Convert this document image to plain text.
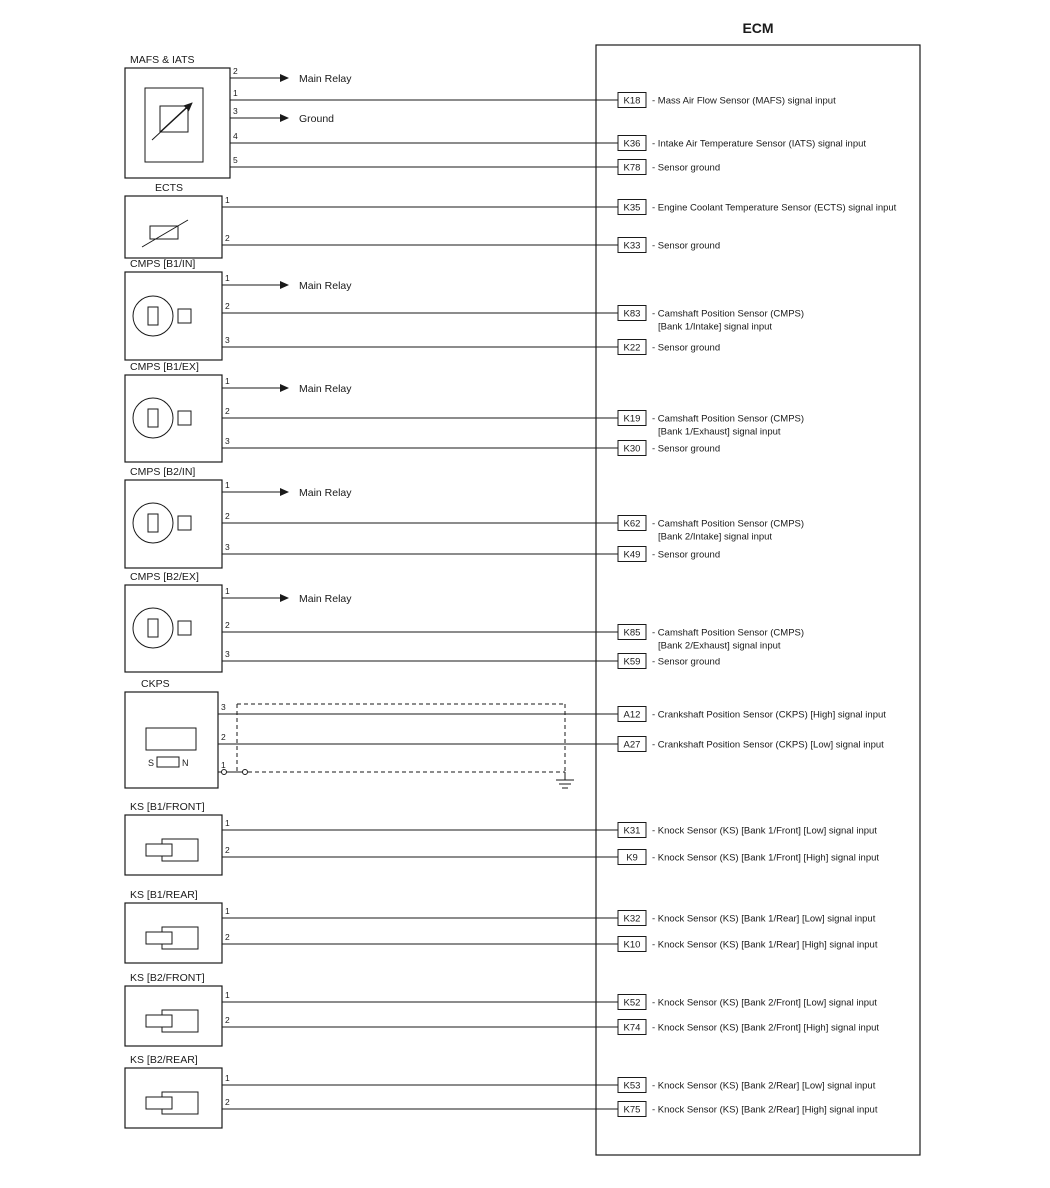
ECM
MAFS & IATS
2
1
3
4
5
Main Relay
Ground
ECTS
1
2
CMPS [B1/IN]
1
2
3
Main Relay
CMPS [B1/EX]
1
2
3
Main Relay
CMPS [B2/IN]
1
2
3
Main Relay
CMPS [B2/EX]
1
2
3
Main Relay
CKPS
S	N
3
2
1
KS [B1/FRONT]
1
2
KS [B1/REAR]
1
2
KS [B2/FRONT]
1
2
KS [B2/REAR]
1
2
K18 - Mass Air Flow Sensor (MAFS) signal input
K36 - Intake Air Temperature Sensor (IATS) signal input
K78 - Sensor ground
K35 - Engine Coolant Temperature Sensor (ECTS) signal input
K33 - Sensor ground
K83 - Camshaft Position Sensor (CMPS)
[Bank 1/Intake] signal input
K22 - Sensor ground
K19 - Camshaft Position Sensor (CMPS)
[Bank 1/Exhaust] signal input
K30 - Sensor ground
K62 - Camshaft Position Sensor (CMPS)
[Bank 2/Intake] signal input
K49 - Sensor ground
K85 - Camshaft Position Sensor (CMPS)
[Bank 2/Exhaust] signal input
K59 - Sensor ground
A12 - Crankshaft Position Sensor (CKPS) [High] signal input
A27 - Crankshaft Position Sensor (CKPS) [Low] signal input
K31 - Knock Sensor (KS) [Bank 1/Front] [Low] signal input
K9 - Knock Sensor (KS) [Bank 1/Front] [High] signal input
K32 - Knock Sensor (KS) [Bank 1/Rear] [Low] signal input
K10 - Knock Sensor (KS) [Bank 1/Rear] [High] signal input
K52 - Knock Sensor (KS) [Bank 2/Front] [Low] signal input
K74 - Knock Sensor (KS) [Bank 2/Front] [High] signal input
K53 - Knock Sensor (KS) [Bank 2/Rear] [Low] signal input
K75 - Knock Sensor (KS) [Bank 2/Rear] [High] signal input
